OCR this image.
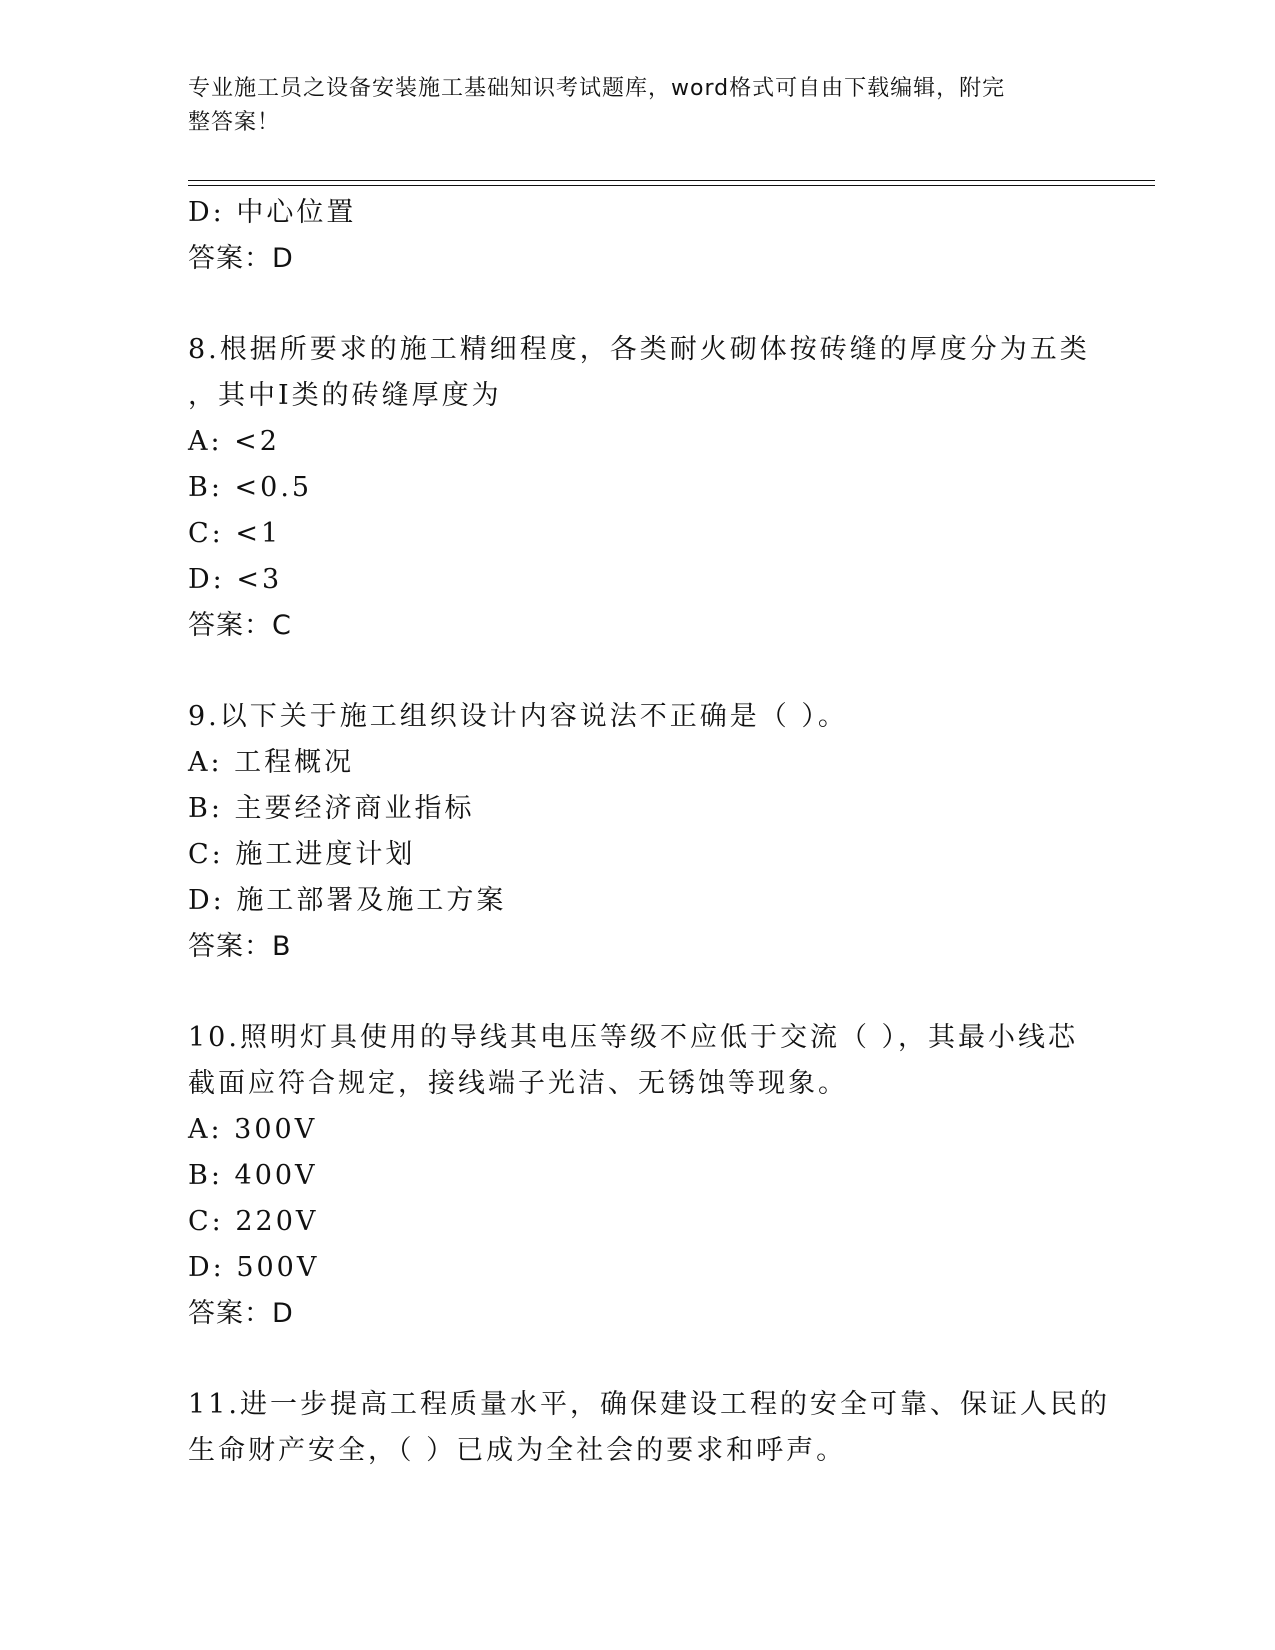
专业施工员之设备安装施工基础知识考试题库，word格式可自由下载编辑，附完
整答案！
D: 中心位置
答案：D
8.根据所要求的施工精细程度，各类耐火砌体按砖缝的厚度分为五类
，其中Ⅰ类的砖缝厚度为
A: <2
B: <0.5
C: <1
D: <3
答案：C
9.以下关于施工组织设计内容说法不正确是（ ）。
A: 工程概况
B: 主要经济商业指标
C: 施工进度计划
D: 施工部署及施工方案
答案：B
10.照明灯具使用的导线其电压等级不应低于交流（ ），其最小线芯
截面应符合规定，接线端子光洁、无锈蚀等现象。
A: 300V
B: 400V
C: 220V
D: 500V
答案：D
11.进一步提高工程质量水平，确保建设工程的安全可靠、保证人民的
生命财产安全，（ ）已成为全社会的要求和呼声。
